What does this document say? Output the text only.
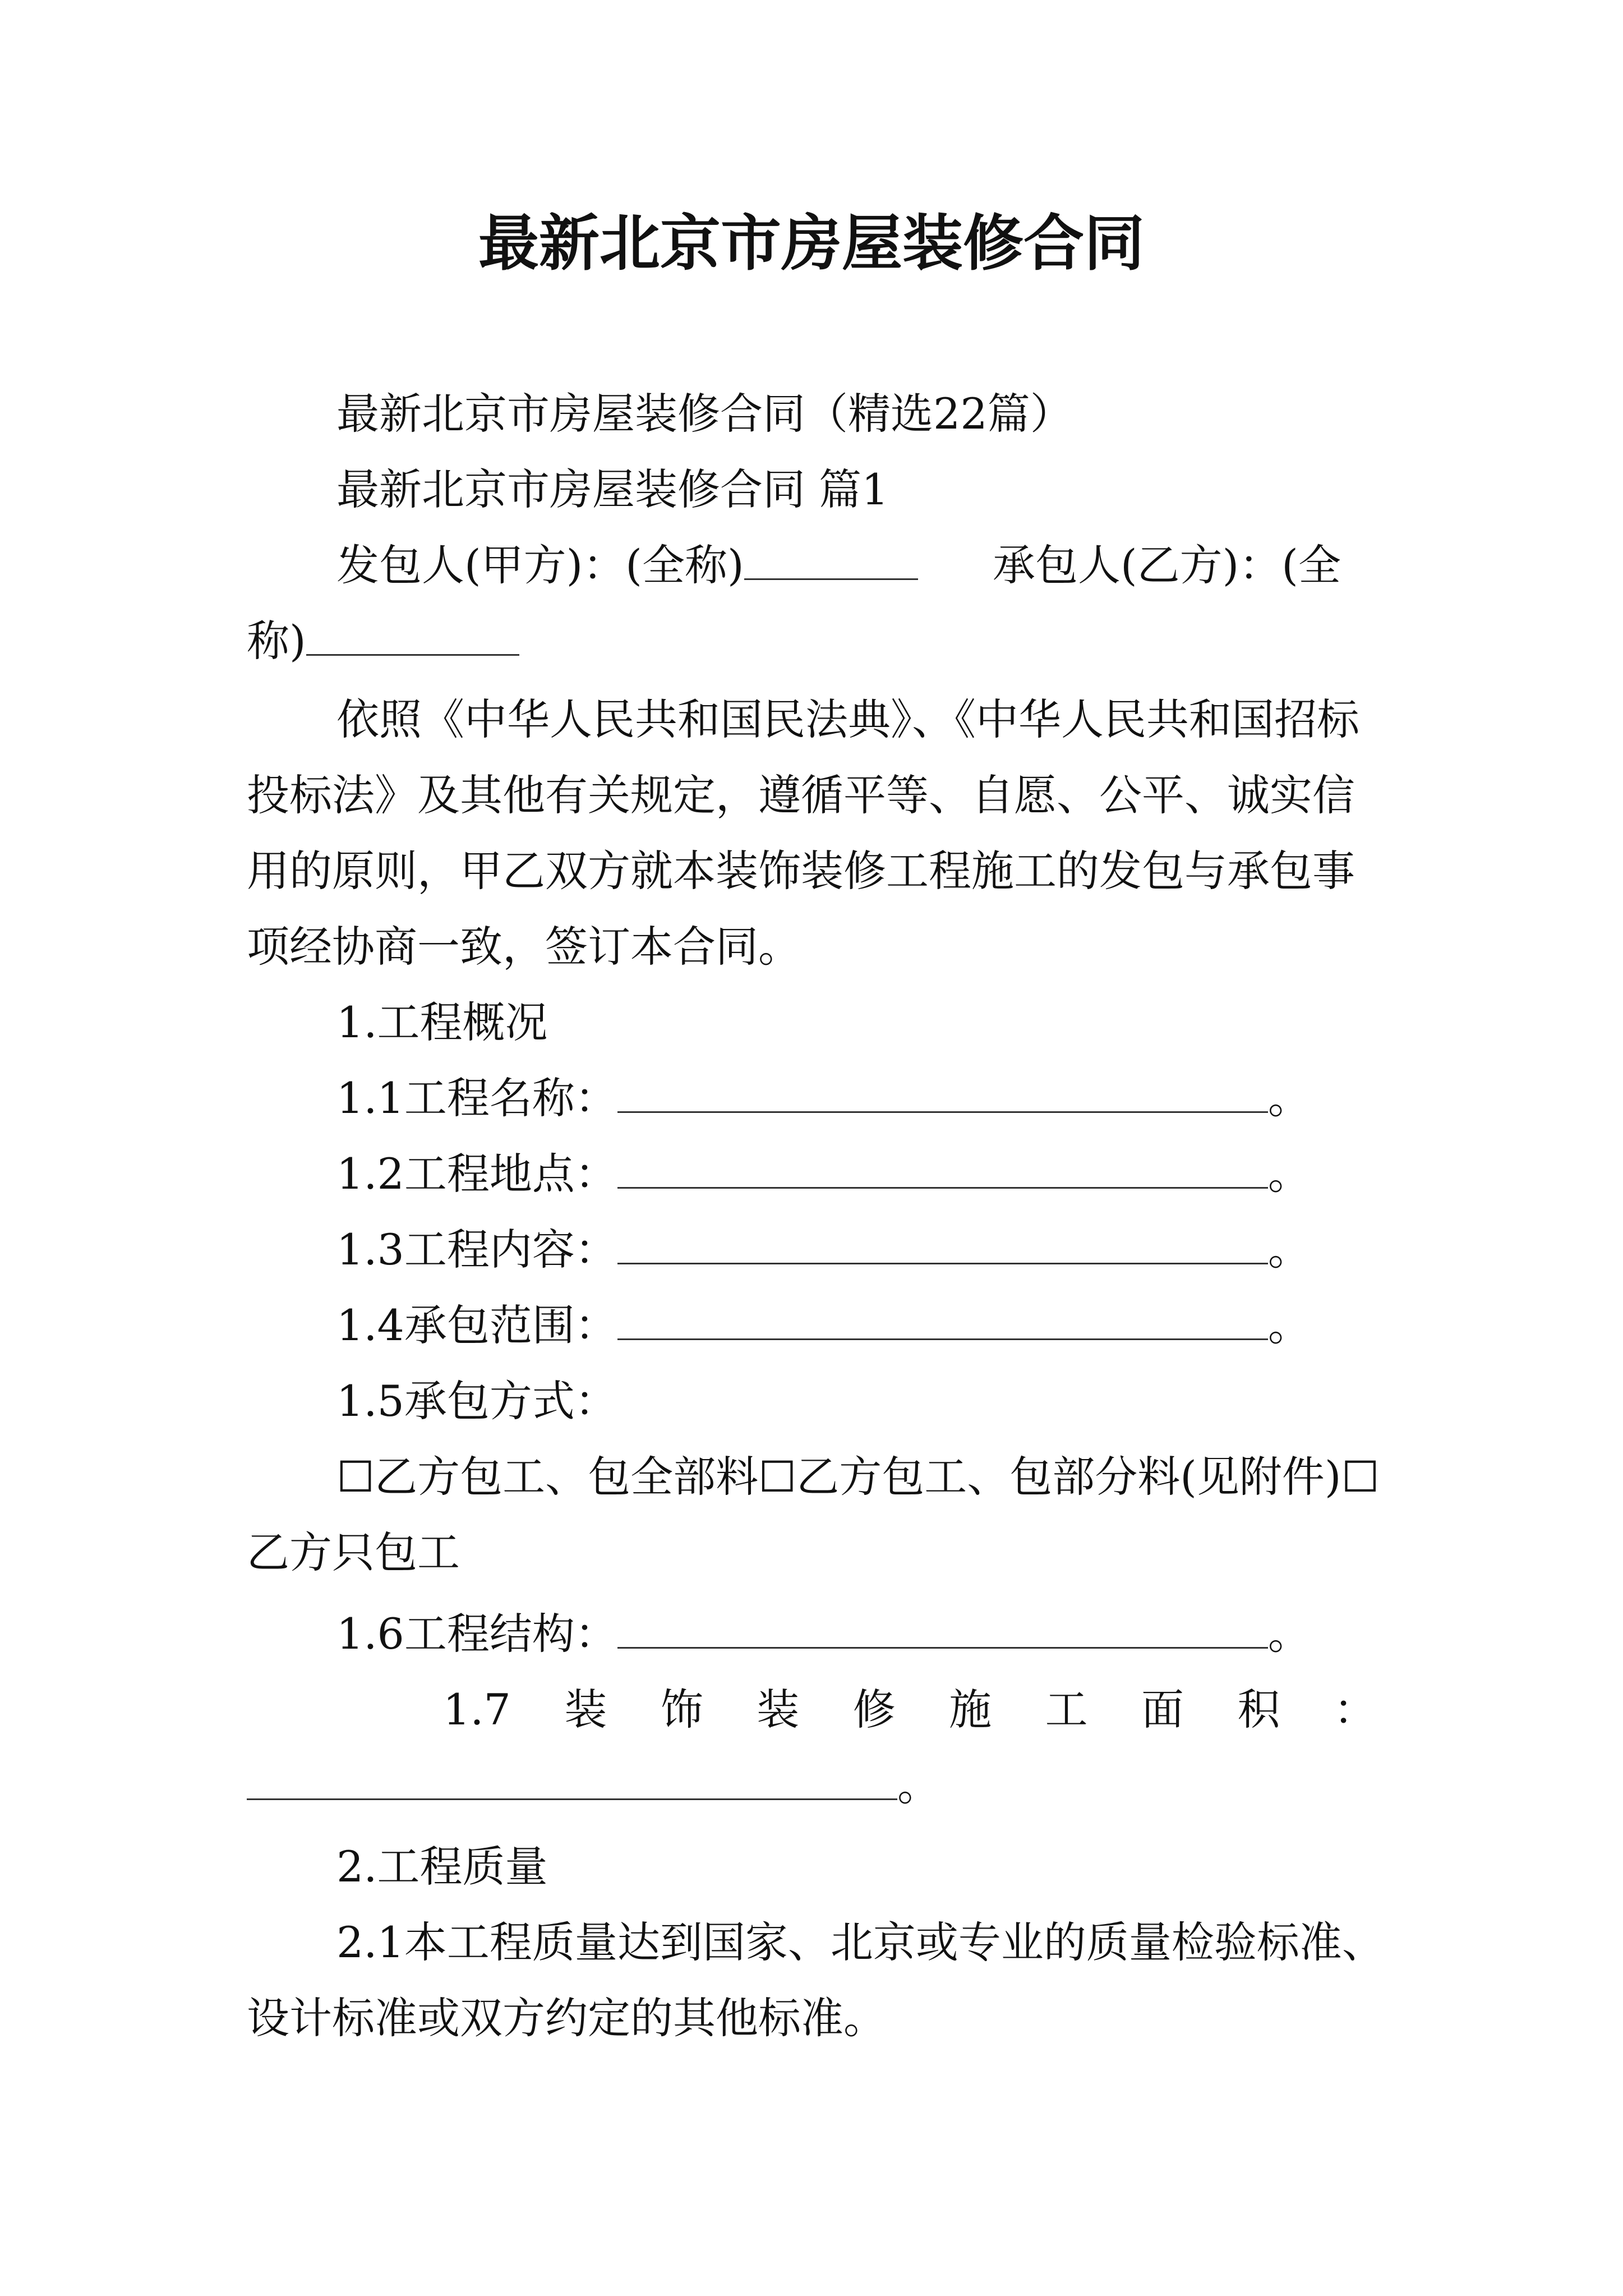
最新北京市房屋装修合同
最新北京市房屋装修合同（精选22篇）
最新北京市房屋装修合同 篇1
发包人(甲方)：(全称)	承包人(乙方)：(全
称)
依照《中华人民共和国民法典》、《中华人民共和国招标
投标法》及其他有关规定，遵循平等、自愿、公平、诚实信
用的原则，甲乙双方就本装饰装修工程施工的发包与承包事
项经协商一致，签订本合同。
1.工程概况
1.1工程名称：	。
1.2工程地点：	。
1.3工程内容：	。
1.4承包范围：	。
1.5承包方式：
☐乙方包工、包全部料☐乙方包工、包部分料(见附件)☐
乙方只包工
1.6工程结构：	。
1.7 装 饰 装 修 施 工 面 积 ：
。
2.工程质量
2.1本工程质量达到国家、北京或专业的质量检验标准、
设计标准或双方约定的其他标准。
